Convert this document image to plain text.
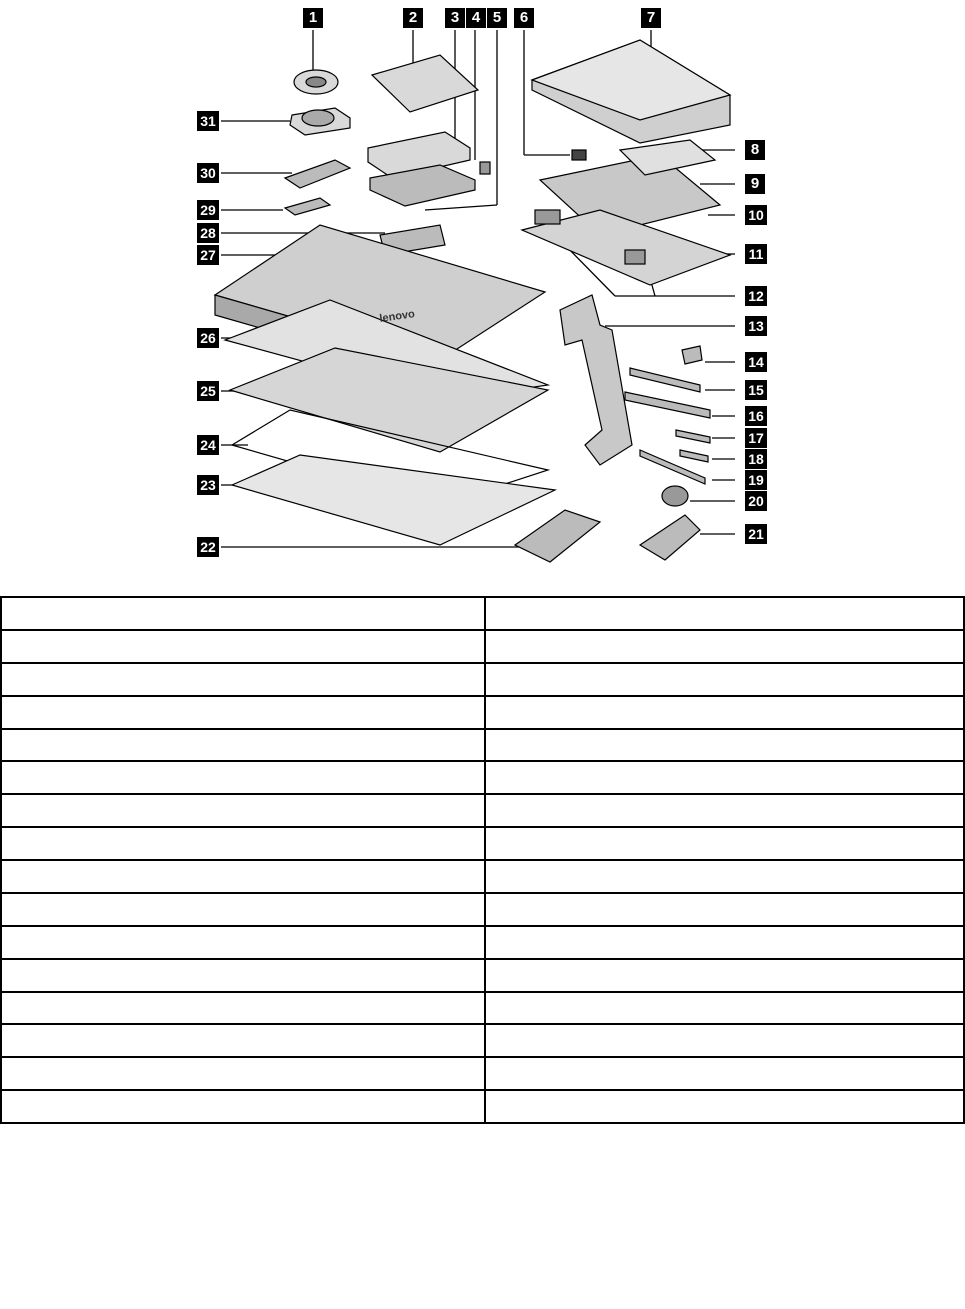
lenovo
1	2	3 4 5	6	7
8
9
10
11
12
13
14
15
16
17
18
19
20
21
22
23
24
25
26
27
28
29
30
31
